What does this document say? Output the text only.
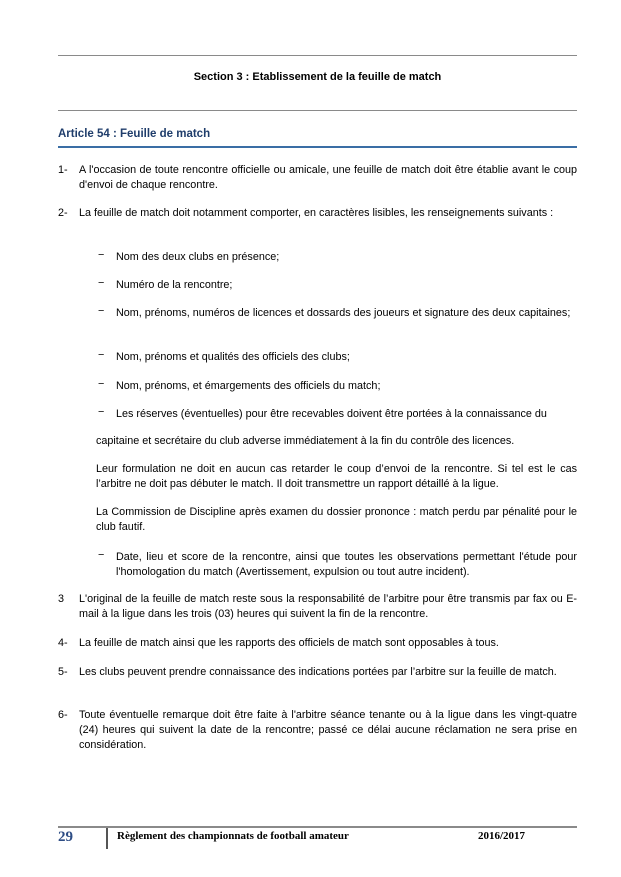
Section 3 : Etablissement de la feuille de match
Article 54 : Feuille de match
1- A l'occasion de toute rencontre officielle ou amicale, une feuille de match doit être établie avant le coup d'envoi de chaque rencontre.
2- La feuille de match doit notamment comporter, en caractères lisibles, les renseignements suivants :
− Nom des deux clubs en présence;
− Numéro de la rencontre;
− Nom, prénoms, numéros de licences et dossards des joueurs et signature des deux capitaines;
− Nom, prénoms et qualités des officiels des clubs;
− Nom, prénoms, et émargements des officiels du match;
− Les réserves (éventuelles) pour être recevables doivent être portées à la connaissance du
capitaine et secrétaire du club adverse immédiatement à la fin du contrôle des licences.
Leur formulation ne doit en aucun cas retarder le coup d’envoi de la rencontre. Si tel est le cas l’arbitre ne doit pas débuter le match. Il doit transmettre un rapport détaillé à la ligue.
La Commission de Discipline après examen du dossier prononce : match perdu par pénalité pour le club fautif.
− Date, lieu et score de la rencontre, ainsi que toutes les observations permettant l'étude pour l'homologation du match (Avertissement, expulsion ou tout autre incident).
3 L'original de la feuille de match reste sous la responsabilité de l’arbitre pour être transmis par fax ou E-mail à la ligue dans les trois (03) heures qui suivent la fin de la rencontre.
4- La feuille de match ainsi que les rapports des officiels de match sont opposables à tous.
5- Les clubs peuvent prendre connaissance des indications portées par l’arbitre sur la feuille de match.
6- Toute éventuelle remarque doit être faite à l'arbitre séance tenante ou à la ligue dans les vingt-quatre (24) heures qui suivent la date de la rencontre; passé ce délai aucune réclamation ne sera prise en considération.
29	Règlement des championnats de football amateur	2016/2017
